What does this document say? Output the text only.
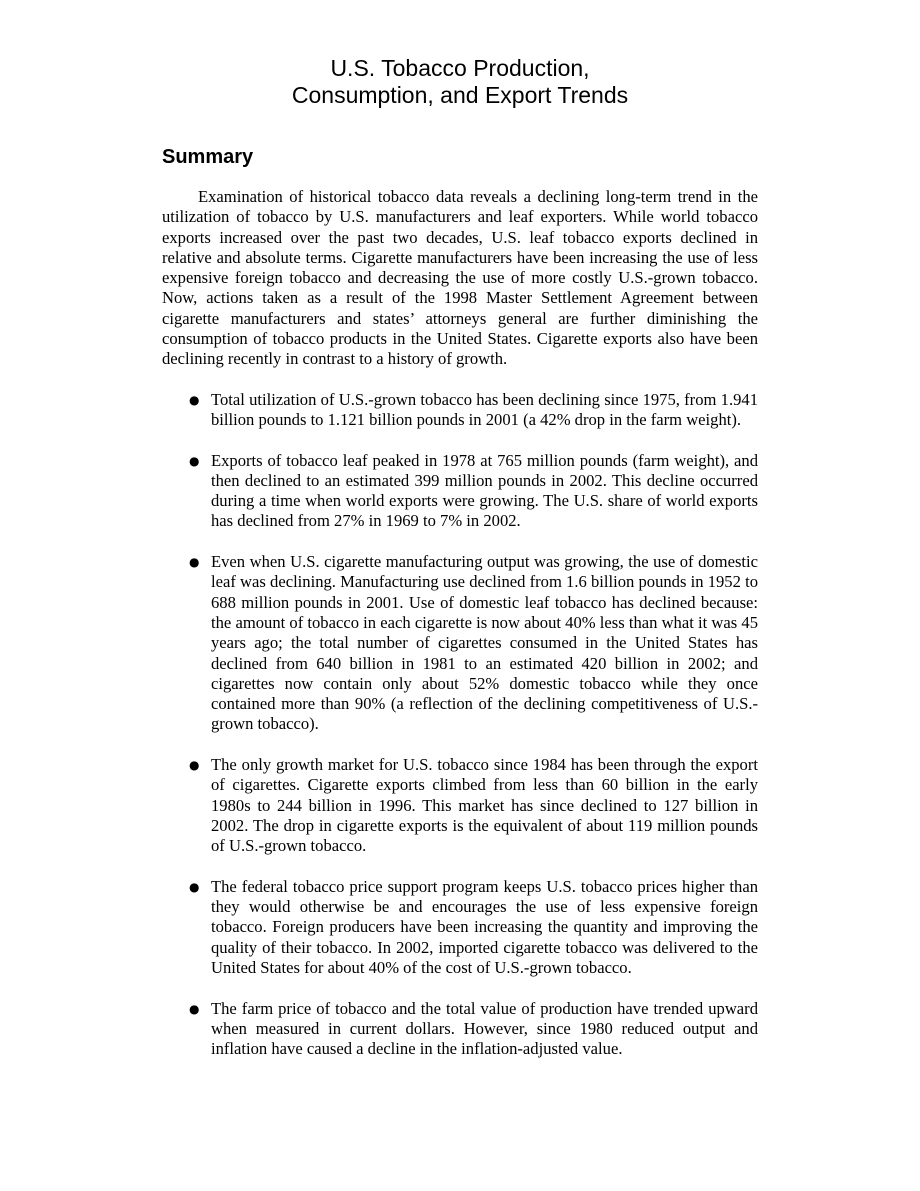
U.S. Tobacco Production,
Consumption, and Export Trends
Summary

Examination of historical tobacco data reveals a declining long-term trend in the utilization of tobacco by U.S. manufacturers and leaf exporters. While world tobacco exports increased over the past two decades, U.S. leaf tobacco exports declined in relative and absolute terms. Cigarette manufacturers have been increasing the use of less expensive foreign tobacco and decreasing the use of more costly U.S.-grown tobacco. Now, actions taken as a result of the 1998 Master Settlement Agreement between cigarette manufacturers and states’ attorneys general are further diminishing the consumption of tobacco products in the United States. Cigarette exports also have been declining recently in contrast to a history of growth.

● Total utilization of U.S.-grown tobacco has been declining since 1975, from 1.941 billion pounds to 1.121 billion pounds in 2001 (a 42% drop in the farm weight).
● Exports of tobacco leaf peaked in 1978 at 765 million pounds (farm weight), and then declined to an estimated 399 million pounds in 2002. This decline occurred during a time when world exports were growing. The U.S. share of world exports has declined from 27% in 1969 to 7% in 2002.
● Even when U.S. cigarette manufacturing output was growing, the use of domestic leaf was declining. Manufacturing use declined from 1.6 billion pounds in 1952 to 688 million pounds in 2001. Use of domestic leaf tobacco has declined because: the amount of tobacco in each cigarette is now about 40% less than what it was 45 years ago; the total number of cigarettes consumed in the United States has declined from 640 billion in 1981 to an estimated 420 billion in 2002; and cigarettes now contain only about 52% domestic tobacco while they once contained more than 90% (a reflection of the declining competitiveness of U.S.-grown tobacco).
● The only growth market for U.S. tobacco since 1984 has been through the export of cigarettes. Cigarette exports climbed from less than 60 billion in the early 1980s to 244 billion in 1996. This market has since declined to 127 billion in 2002. The drop in cigarette exports is the equivalent of about 119 million pounds of U.S.-grown tobacco.
● The federal tobacco price support program keeps U.S. tobacco prices higher than they would otherwise be and encourages the use of less expensive foreign tobacco. Foreign producers have been increasing the quantity and improving the quality of their tobacco. In 2002, imported cigarette tobacco was delivered to the United States for about 40% of the cost of U.S.-grown tobacco.
● The farm price of tobacco and the total value of production have trended upward when measured in current dollars. However, since 1980 reduced output and inflation have caused a decline in the inflation-adjusted value.
